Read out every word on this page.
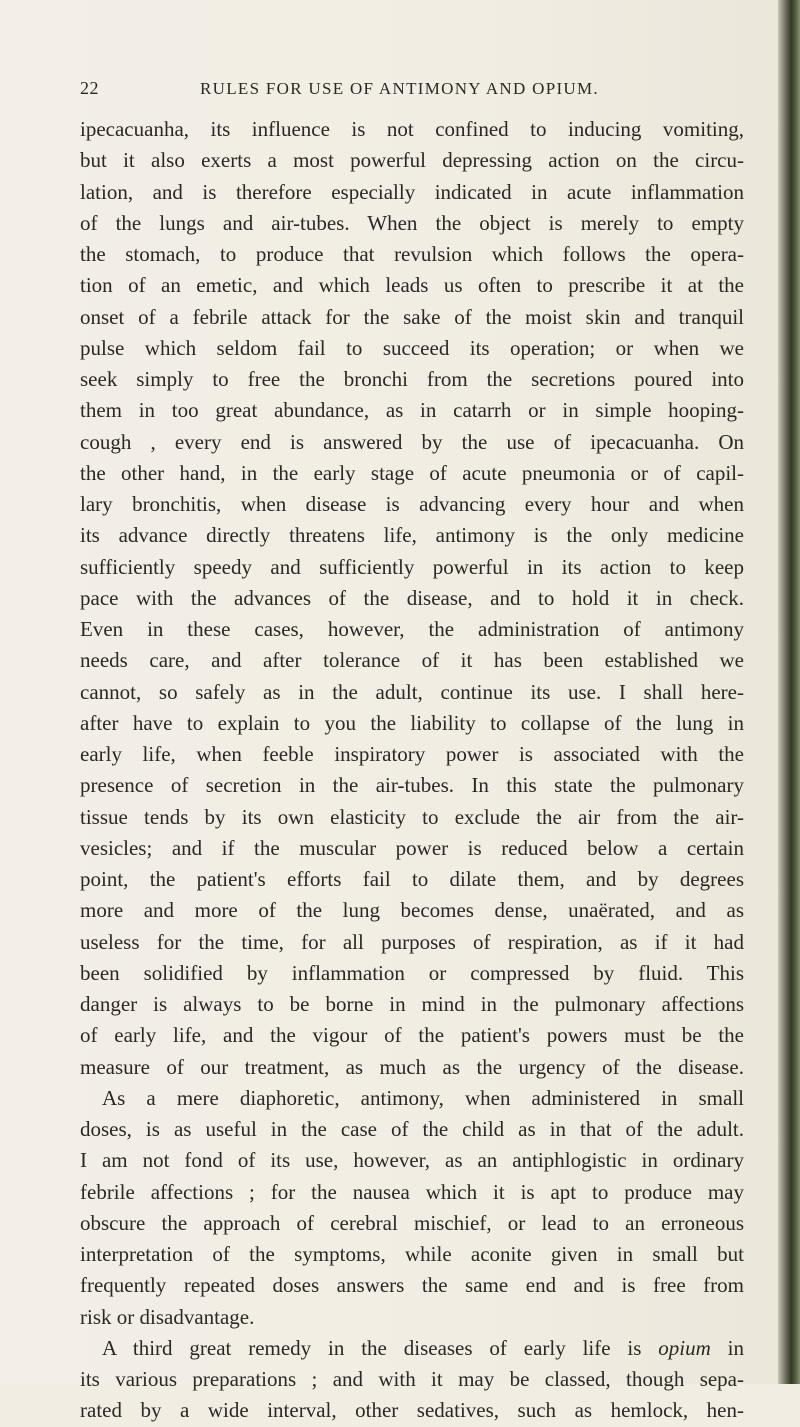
22	RULES FOR USE OF ANTIMONY AND OPIUM.
ipecacuanha, its influence is not confined to inducing vomiting,
but it also exerts a most powerful depressing action on the circu-
lation, and is therefore especially indicated in acute inflammation
of the lungs and air-tubes. When the object is merely to empty
the stomach, to produce that revulsion which follows the opera-
tion of an emetic, and which leads us often to prescribe it at the
onset of a febrile attack for the sake of the moist skin and tranquil
pulse which seldom fail to succeed its operation; or when we
seek simply to free the bronchi from the secretions poured into
them in too great abundance, as in catarrh or in simple hooping-
cough , every end is answered by the use of ipecacuanha. On
the other hand, in the early stage of acute pneumonia or of capil-
lary bronchitis, when disease is advancing every hour and when
its advance directly threatens life, antimony is the only medicine
sufficiently speedy and sufficiently powerful in its action to keep
pace with the advances of the disease, and to hold it in check.
Even in these cases, however, the administration of antimony
needs care, and after tolerance of it has been established we
cannot, so safely as in the adult, continue its use. I shall here-
after have to explain to you the liability to collapse of the lung in
early life, when feeble inspiratory power is associated with the
presence of secretion in the air-tubes. In this state the pulmonary
tissue tends by its own elasticity to exclude the air from the air-
vesicles; and if the muscular power is reduced below a certain
point, the patient's efforts fail to dilate them, and by degrees
more and more of the lung becomes dense, unaërated, and as
useless for the time, for all purposes of respiration, as if it had
been solidified by inflammation or compressed by fluid. This
danger is always to be borne in mind in the pulmonary affections
of early life, and the vigour of the patient's powers must be the
measure of our treatment, as much as the urgency of the disease.
As a mere diaphoretic, antimony, when administered in small
doses, is as useful in the case of the child as in that of the adult.
I am not fond of its use, however, as an antiphlogistic in ordinary
febrile affections ; for the nausea which it is apt to produce may
obscure the approach of cerebral mischief, or lead to an erroneous
interpretation of the symptoms, while aconite given in small but
frequently repeated doses answers the same end and is free from
risk or disadvantage.
A third great remedy in the diseases of early life is opium in
its various preparations ; and with it may be classed, though sepa-
rated by a wide interval, other sedatives, such as hemlock, hen-
